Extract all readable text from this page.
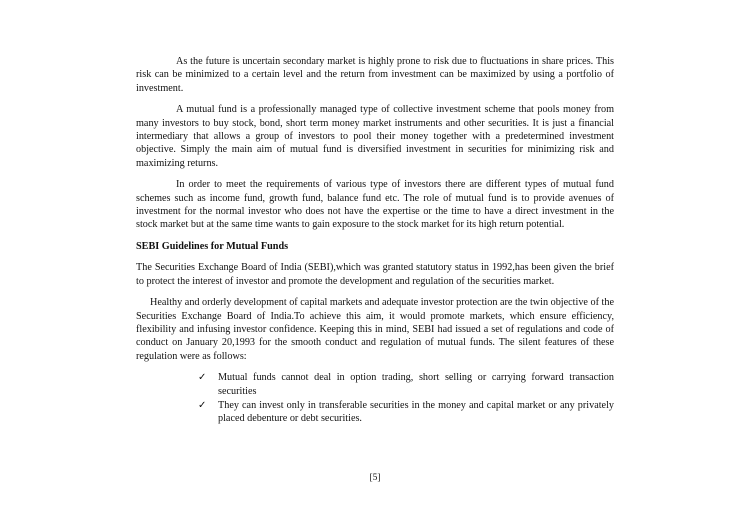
As the future is uncertain secondary market is highly prone to risk due to fluctuations in share prices. This risk can be minimized to a certain level and the return from investment can be maximized by using a portfolio of investment.

A mutual fund is a professionally managed type of collective investment scheme that pools money from many investors to buy stock, bond, short term money market instruments and other securities. It is just a financial intermediary that allows a group of investors to pool their money together with a predetermined investment objective. Simply the main aim of mutual fund is diversified investment in securities for minimizing risk and maximizing returns.

In order to meet the requirements of various type of investors there are different types of mutual fund schemes such as income fund, growth fund, balance fund etc. The role of mutual fund is to provide avenues of investment for the normal investor who does not have the expertise or the time to have a direct investment in the stock market but at the same time wants to gain exposure to the stock market for its high return potential.

SEBI Guidelines for Mutual Funds

The Securities Exchange Board of India (SEBI),which was granted statutory status in 1992,has been given the brief to protect the interest of investor and promote the development and regulation of the securities market.

Healthy and orderly development of capital markets and adequate investor protection are the twin objective of the Securities Exchange Board of India.To achieve this aim, it would promote markets, which ensure efficiency, flexibility and infusing investor confidence. Keeping this in mind, SEBI had issued a set of regulations and code of conduct on January 20,1993 for the smooth conduct and regulation of mutual funds. The silent features of these regulation were as follows:

✓ Mutual funds cannot deal in option trading, short selling or carrying forward transaction securities
✓ They can invest only in transferable securities in the money and capital market or any privately placed debenture or debt securities.
[5]
